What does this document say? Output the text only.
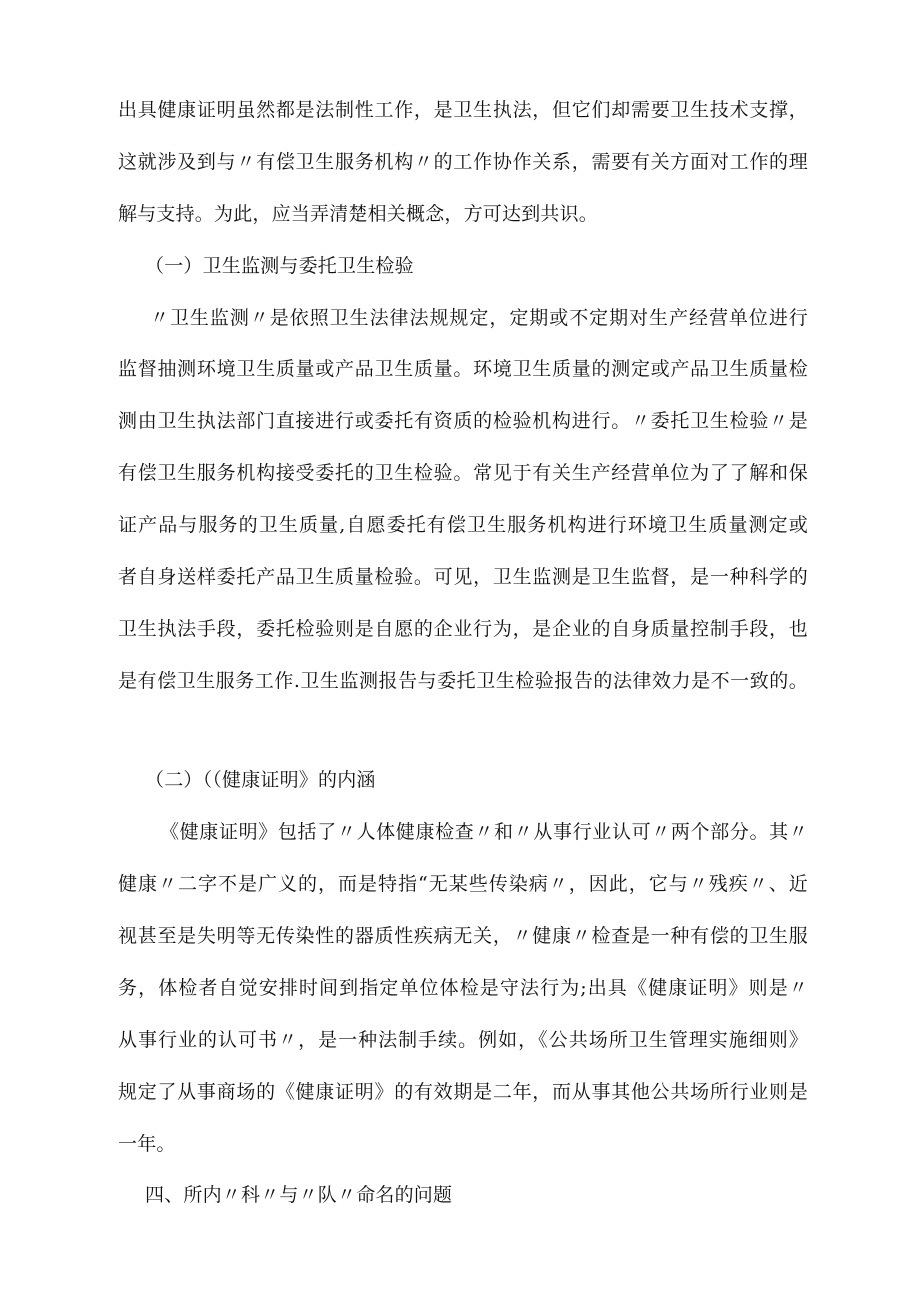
出具健康证明虽然都是法制性工作，是卫生执法，但它们却需要卫生技术支撑，
这就涉及到与〃有偿卫生服务机构〃的工作协作关系，需要有关方面对工作的理
解与支持。为此，应当弄清楚相关概念，方可达到共识。
（一）卫生监测与委托卫生检验
〃卫生监测〃是依照卫生法律法规规定，定期或不定期对生产经营单位进行
监督抽测环境卫生质量或产品卫生质量。环境卫生质量的测定或产品卫生质量检
测由卫生执法部门直接进行或委托有资质的检验机构进行。〃委托卫生检验〃是
有偿卫生服务机构接受委托的卫生检验。常见于有关生产经营单位为了了解和保
证产品与服务的卫生质量,自愿委托有偿卫生服务机构进行环境卫生质量测定或
者自身送样委托产品卫生质量检验。可见，卫生监测是卫生监督，是一种科学的
卫生执法手段，委托检验则是自愿的企业行为，是企业的自身质量控制手段，也
是有偿卫生服务工作.卫生监测报告与委托卫生检验报告的法律效力是不一致的。
（二）（（健康证明》的内涵
《健康证明》包括了〃人体健康检查〃和〃从事行业认可〃两个部分。其〃
健康〃二字不是广义的，而是特指“无某些传染病〃，因此，它与〃残疾〃、近
视甚至是失明等无传染性的器质性疾病无关，〃健康〃检查是一种有偿的卫生服
务，体检者自觉安排时间到指定单位体检是守法行为;出具《健康证明》则是〃
从事行业的认可书〃，是一种法制手续。例如，《公共场所卫生管理实施细则》
规定了从事商场的《健康证明》的有效期是二年，而从事其他公共场所行业则是
一年。
四、所内〃科〃与〃队〃命名的问题
